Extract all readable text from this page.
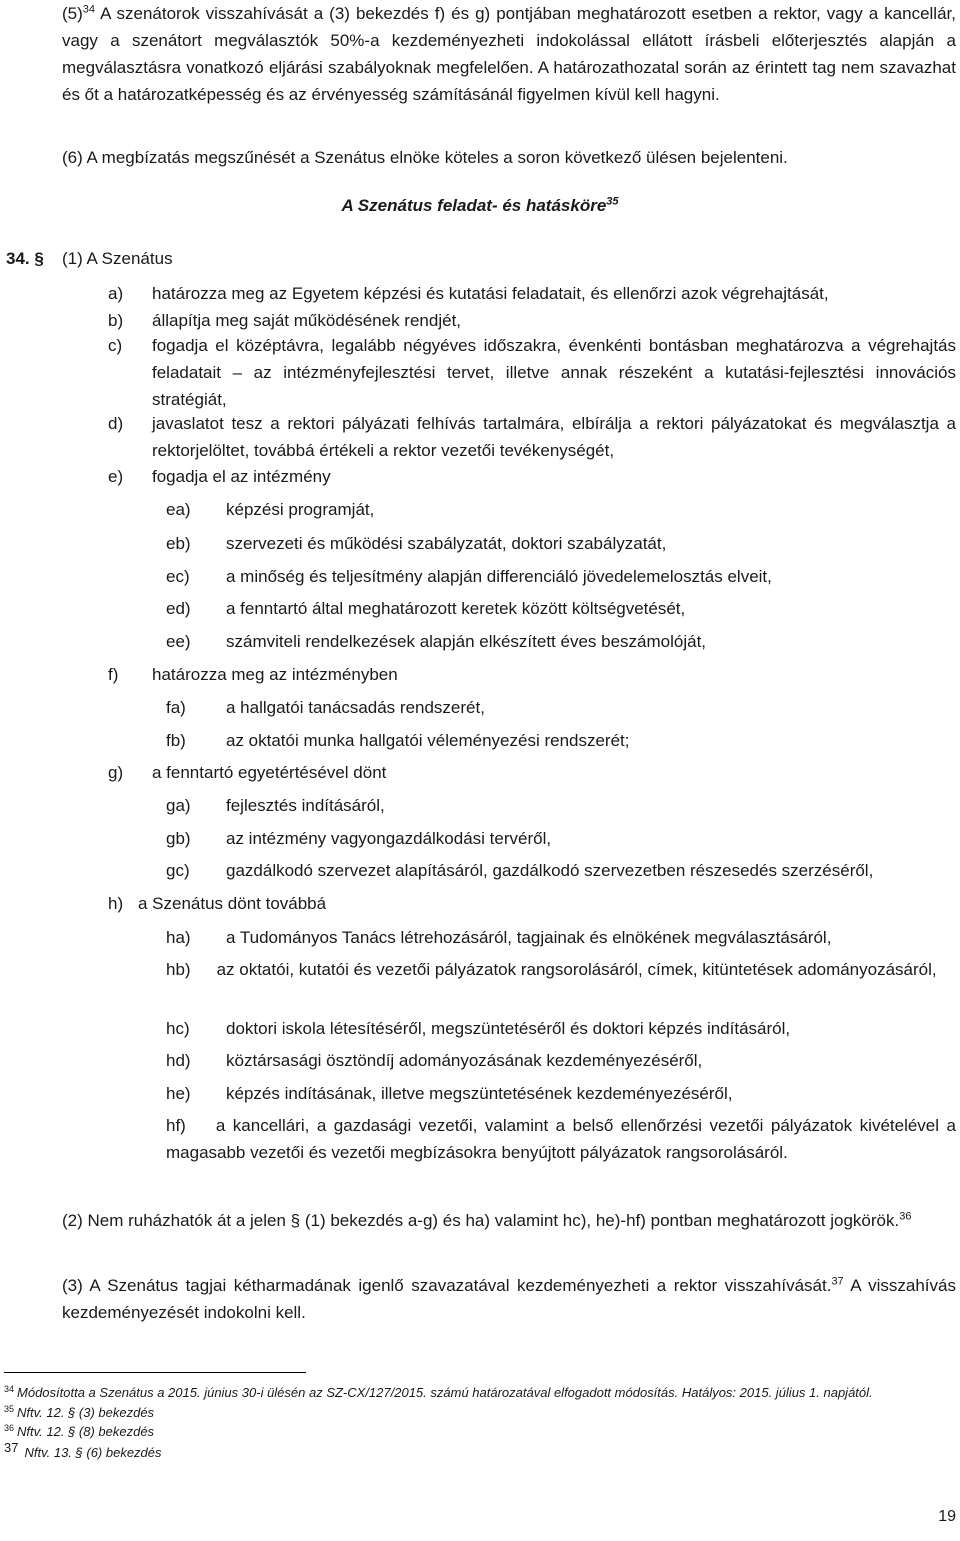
$(5)^{34}$ A szenátorok visszahívását a (3) bekezdés f) és g) pontjában meghatározott esetben a rektor, vagy a kancellár, vagy a szenátort megválasztók 50%-a kezdeményezheti indokolással ellátott írásbeli előterjesztés alapján a megválasztásra vonatkozó eljárási szabályoknak megfelelően. A határozathozatal során az érintett tag nem szavazhat és őt a határozatképesség és az érvényesség számításánál figyelmen kívül kell hagyni.

(6) A megbízatás megszűnését a Szenátus elnöke köteles a soron következő ülésen bejelenteni.

A Szenátus feladat- és hatásköre$^{35}$
34. § (1) A Szenátus
a) határozza meg az Egyetem képzési és kutatási feladatait, és ellenőrzi azok végrehajtását,
b) állapítja meg saját működésének rendjét,
c) fogadja el középtávra, legalább négyéves időszakra, évenkénti bontásban meghatározva a végrehajtás feladatait – az intézményfejlesztési tervet, illetve annak részeként a kutatási-fejlesztési innovációs stratégiát,
d) javaslatot tesz a rektori pályázati felhívás tartalmára, elbírálja a rektori pályázatokat és megválasztja a rektorjelöltet, továbbá értékeli a rektor vezetői tevékenységét,
e) fogadja el az intézmény
ea) képzési programját,
eb) szervezeti és működési szabályzatát, doktori szabályzatát,
ec) a minőség és teljesítmény alapján differenciáló jövedelemelosztás elveit,
ed) a fenntartó által meghatározott keretek között költségvetését,
ee) számviteli rendelkezések alapján elkészített éves beszámolóját,
f) határozza meg az intézményben
fa) a hallgatói tanácsadás rendszerét,
fb) az oktatói munka hallgatói véleményezési rendszerét;
g) a fenntartó egyetértésével dönt
ga) fejlesztés indításáról,
gb) az intézmény vagyongazdálkodási tervéről,
gc) gazdálkodó szervezet alapításáról, gazdálkodó szervezetben részesedés szerzéséről,
h) a Szenátus dönt továbbá
ha) a Tudományos Tanács létrehozásáról, tagjainak és elnökének megválasztásáról,
hb) az oktatói, kutatói és vezetői pályázatok rangsorolásáról, címek, kitüntetések adományozásáról,
hc) doktori iskola létesítéséről, megszüntetéséről és doktori képzés indításáról,
hd) köztársasági ösztöndíj adományozásának kezdeményezéséről,
he) képzés indításának, illetve megszüntetésének kezdeményezéséről,
hf) a kancellári, a gazdasági vezetői, valamint a belső ellenőrzési vezetői pályázatok kivételével a magasabb vezetői és vezetői megbízásokra benyújtott pályázatok rangsorolásáról.

(2) Nem ruházhatók át a jelen § (1) bekezdés a-g) és ha) valamint hc), he)-hf) pontban meghatározott jogkörök.$^{36}$

(3) A Szenátus tagjai kétharmadának igenlő szavazatával kezdeményezheti a rektor visszahívását.$^{37}$ A visszahívás kezdeményezését indokolni kell.

$^{34}$ Módosította a Szenátus a 2015. június 30-i ülésén az SZ-CX/127/2015. számú határozatával elfogadott módosítás. Hatályos: 2015. július 1. napjától.
$^{35}$ Nftv. 12. § (3) bekezdés
$^{36}$ Nftv. 12. § (8) bekezdés
37 Nftv. 13. § (6) bekezdés
19
